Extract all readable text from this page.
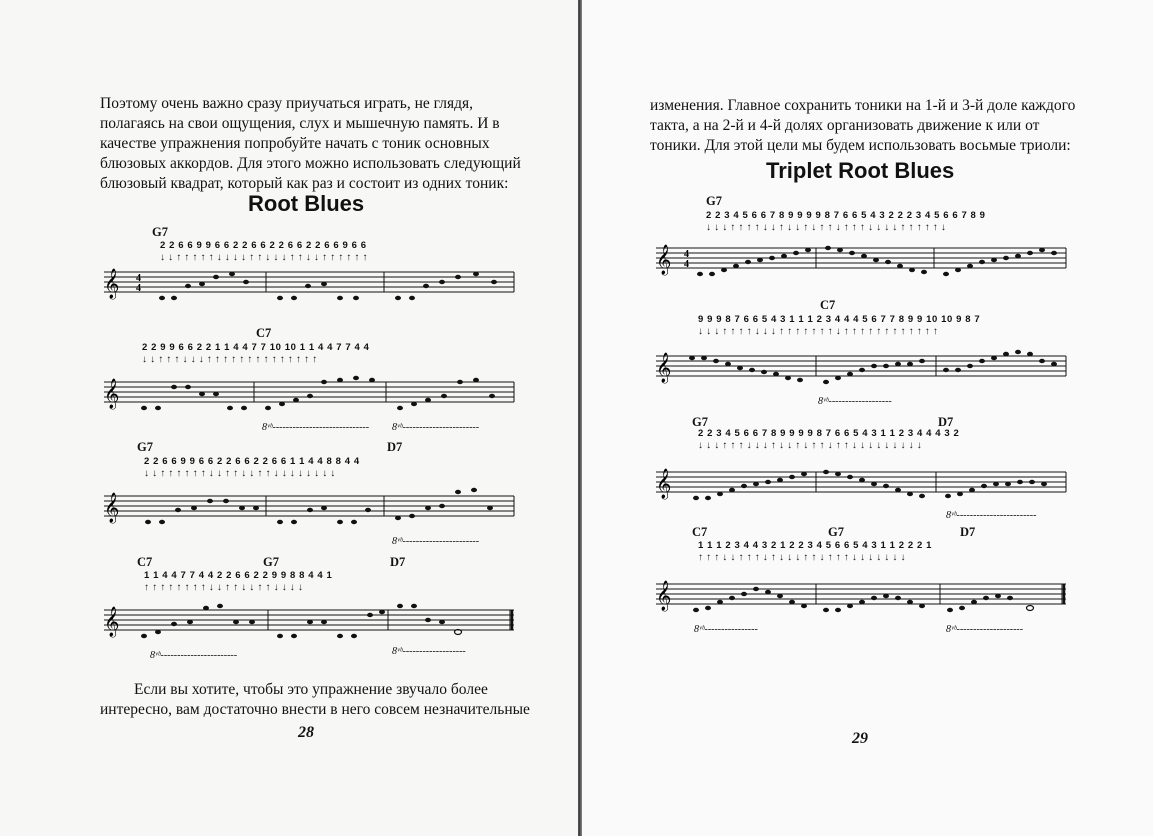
Поэтому очень важно сразу приучаться играть, не глядя,
полагаясь на свои ощущения, слух и мышечную память. И в
качестве упражнения попробуйте начать с тоник основных
блюзовых аккордов. Для этого можно использовать следующий
блюзовый квадрат, который как раз и состоит из одних тоник:
Root Blues
G7
2 2 6 6 9 9 6 6 2 2 6 6 2 2 6 6 2 2 6 6 9 6 6
↓↓↑↑↑↑↑↓↓↓↓↑↑↓↓↓↑↑↓↓↑↑↑↑↑↑
𝄞 4
4
C7
2 2 9 9 6 6 2 2 1 1 4 4 7 7 10 10 1 1 4 4 7 7 4 4
↓↓↑↑↑↓↓↓↑↑↑↑↑↑↑↑↑↑↑↑↑↑
𝄞
8ᵛᵇ----------------------------- 8ᵛᵇ-----------------------
G7	D7
2 2 6 6 9 9 6 6 2 2 6 6 2 2 6 6 1 1 4 4 8 8 4 4
↓↓↑↑↑↑↑↑↓↓↑↑↓↓↑↑↓↓↓↓↓↓↓↓
𝄞
8ᵛᵇ-----------------------
C7	G7	D7
1 1 4 4 7 7 4 4 2 2 6 6 2 2 9 9 8 8 4 4 1
↑↑↑↑↑↑↑↑↓↓↑↑↓↓↑↑↓↓↓↓
𝄞
8ᵛᵇ-----------------------	8ᵛᵇ-------------------
Если вы хотите, чтобы это упражнение звучало более
интересно, вам достаточно внести в него совсем незначительные
28
изменения. Главное сохранить тоники на 1-й и 3-й доле каждого
такта, а на 2-й и 4-й долях организовать движение к или от
тоники. Для этой цели мы будем использовать восьмые триоли:
Triplet Root Blues
G7
2 2 3 4 5 6 6 7 8 9 9 9 9 8 7 6 6 5 4 3 2 2 2 3 4 5 6 6 7 8 9
↓↓↓↑↑↑↑↓↓↑↓↓↑↓↑↑↓↑↑↑↓↓↓↓↑↑↑↑↑↓
𝄞 4
4
C7
9 9 9 8 7 6 6 5 4 3 1 1 1 2 3 4 4 4 5 6 7 7 8 9 9 10 10 9 8 7
↓↓↓↑↑↑↑↓↓↓↑↑↑↑↑↑↑↓↑↑↑↑↑↑↑↑↑↑↑↑
𝄞
8ᵛᵇ-------------------
G7	D7
2 2 3 4 5 6 6 7 8 9 9 9 9 8 7 6 6 5 4 3 1 1 2 3 4 4 4 3 2
↓↓↓↑↑↑↓↓↓↑↓↓↑↓↑↑↓↑↑↓↓↓↓↓↓↓↓↓
𝄞
8ᵛᵇ------------------------
C7	G7	D7
1 1 1 2 3 4 4 3 2 1 2 2 3 4 5 6 6 5 4 3 1 1 2 2 2 1
↑↑↑↓↓↑↑↑↓↑↓↓↓↑↑↓↑↑↑↓↓↓↓↓↓↓
𝄞
8ᵛᵇ----------------	8ᵛᵇ--------------------
29
